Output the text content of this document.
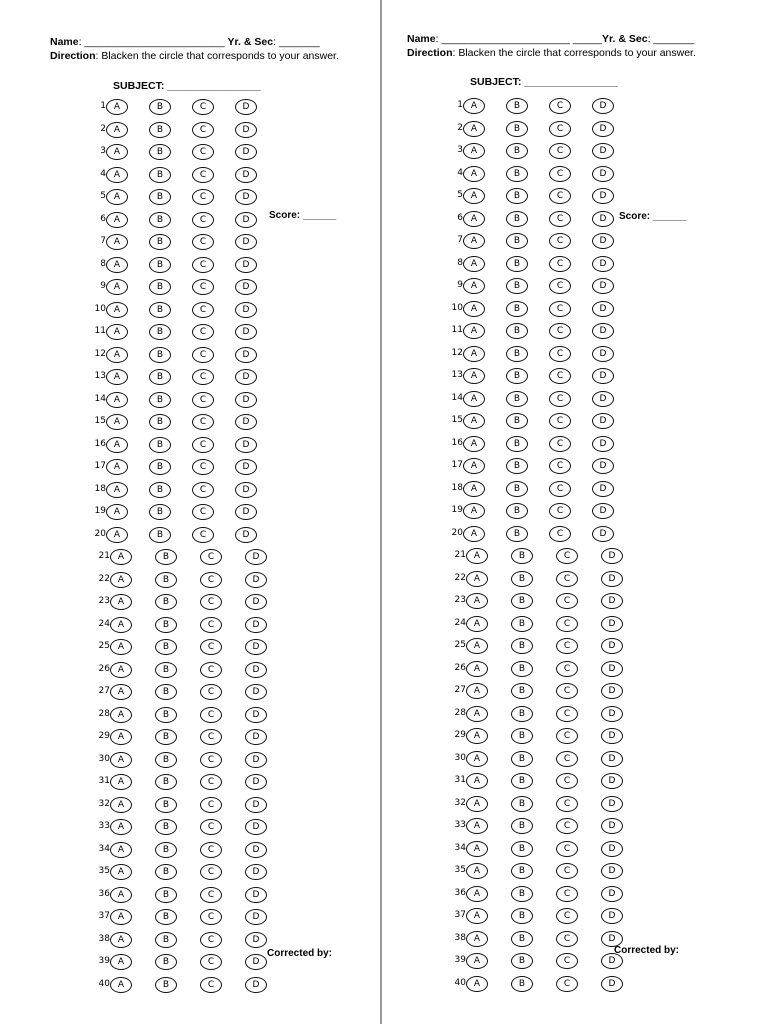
Name: ________________________ Yr. & Sec: _______
Direction: Blacken the circle that corresponds to your answer.
SUBJECT: ________________
Score: ______
Corrected by:
1 A	B	C	D
2 A	B	C	D
3 A	B	C	D
4 A	B	C	D
5 A	B	C	D
6 A	B	C	D
7 A	B	C	D
8 A	B	C	D
9 A	B	C	D
10 A	B	C	D
11 A	B	C	D
12 A	B	C	D
13 A	B	C	D
14 A	B	C	D
15 A	B	C	D
16 A	B	C	D
17 A	B	C	D
18 A	B	C	D
19 A	B	C	D
20 A	B	C	D
21 A	B	C	D
22 A	B	C	D
23 A	B	C	D
24 A	B	C	D
25 A	B	C	D
26 A	B	C	D
27 A	B	C	D
28 A	B	C	D
29 A	B	C	D
30 A	B	C	D
31 A	B	C	D
32 A	B	C	D
33 A	B	C	D
34 A	B	C	D
35 A	B	C	D
36 A	B	C	D
37 A	B	C	D
38 A	B	C	D
39 A	B	C	D
40 A	B	C	D
Name: ______________________ _____Yr. & Sec: _______
Direction: Blacken the circle that corresponds to your answer.
SUBJECT: ________________
Score: ______
Corrected by:
1 A	B	C	D
2 A	B	C	D
3 A	B	C	D
4 A	B	C	D
5 A	B	C	D
6 A	B	C	D
7 A	B	C	D
8 A	B	C	D
9 A	B	C	D
10 A	B	C	D
11 A	B	C	D
12 A	B	C	D
13 A	B	C	D
14 A	B	C	D
15 A	B	C	D
16 A	B	C	D
17 A	B	C	D
18 A	B	C	D
19 A	B	C	D
20 A	B	C	D
21 A	B	C	D
22 A	B	C	D
23 A	B	C	D
24 A	B	C	D
25 A	B	C	D
26 A	B	C	D
27 A	B	C	D
28 A	B	C	D
29 A	B	C	D
30 A	B	C	D
31 A	B	C	D
32 A	B	C	D
33 A	B	C	D
34 A	B	C	D
35 A	B	C	D
36 A	B	C	D
37 A	B	C	D
38 A	B	C	D
39 A	B	C	D
40 A	B	C	D
